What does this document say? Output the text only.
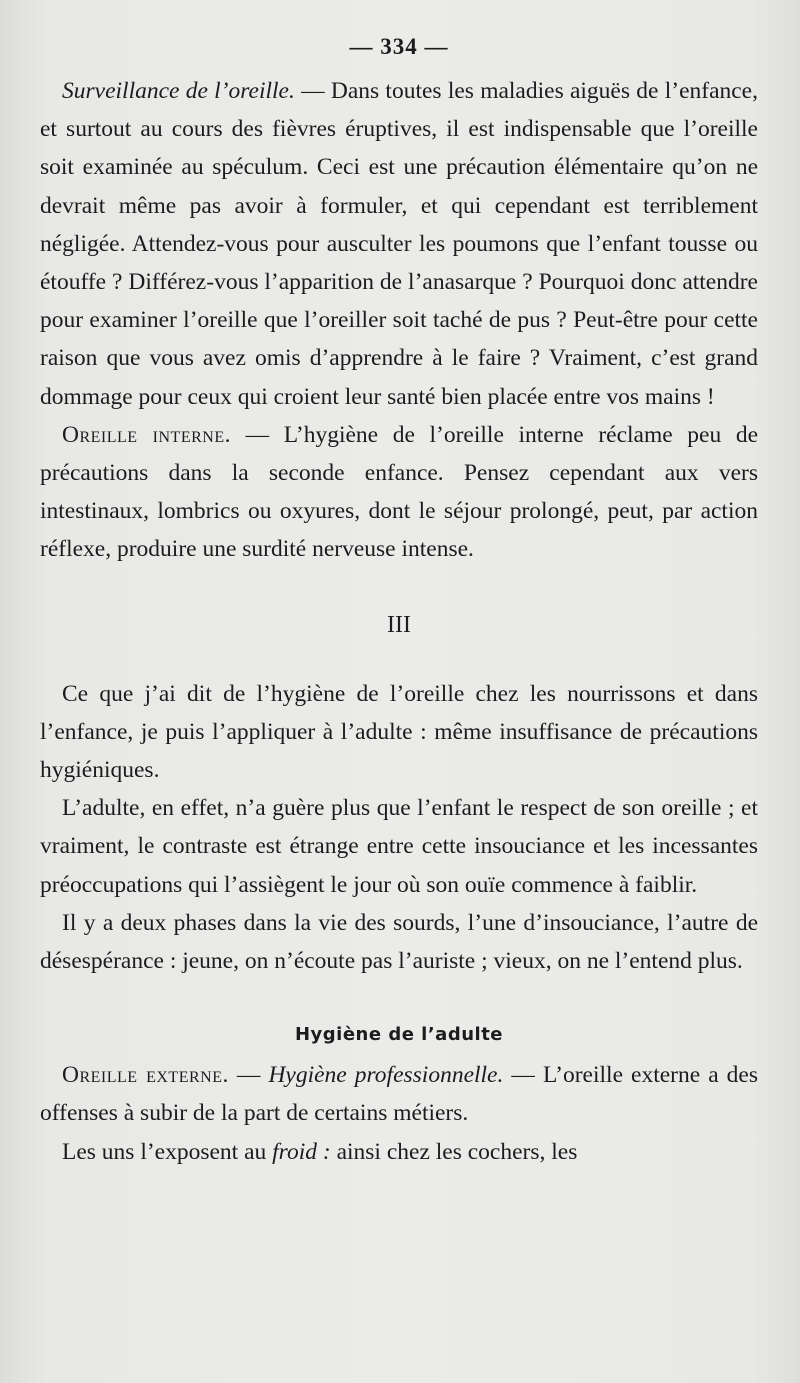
— 334 —

Surveillance de l’oreille. — Dans toutes les maladies aiguës de l’enfance, et surtout au cours des fièvres éruptives, il est indispensable que l’oreille soit examinée au spéculum. Ceci est une précaution élémentaire qu’on ne devrait même pas avoir à formuler, et qui cependant est terriblement négligée. Attendez-vous pour ausculter les poumons que l’enfant tousse ou étouffe ? Différez-vous l’apparition de l’anasarque ? Pourquoi donc attendre pour examiner l’oreille que l’oreiller soit taché de pus ? Peut-être pour cette raison que vous avez omis d’apprendre à le faire ? Vraiment, c’est grand dommage pour ceux qui croient leur santé bien placée entre vos mains !

Oreille interne. — L’hygiène de l’oreille interne réclame peu de précautions dans la seconde enfance. Pensez cependant aux vers intestinaux, lombrics ou oxyures, dont le séjour prolongé, peut, par action réflexe, produire une surdité nerveuse intense.

III

Ce que j’ai dit de l’hygiène de l’oreille chez les nourrissons et dans l’enfance, je puis l’appliquer à l’adulte : même insuffisance de précautions hygiéniques.

L’adulte, en effet, n’a guère plus que l’enfant le respect de son oreille ; et vraiment, le contraste est étrange entre cette insouciance et les incessantes préoccupations qui l’assiègent le jour où son ouïe commence à faiblir.

Il y a deux phases dans la vie des sourds, l’une d’insouciance, l’autre de désespérance : jeune, on n’écoute pas l’auriste ; vieux, on ne l’entend plus.

Hygiène de l’adulte

Oreille externe. — Hygiène professionnelle. — L’oreille externe a des offenses à subir de la part de certains métiers.

Les uns l’exposent au froid : ainsi chez les cochers, les
